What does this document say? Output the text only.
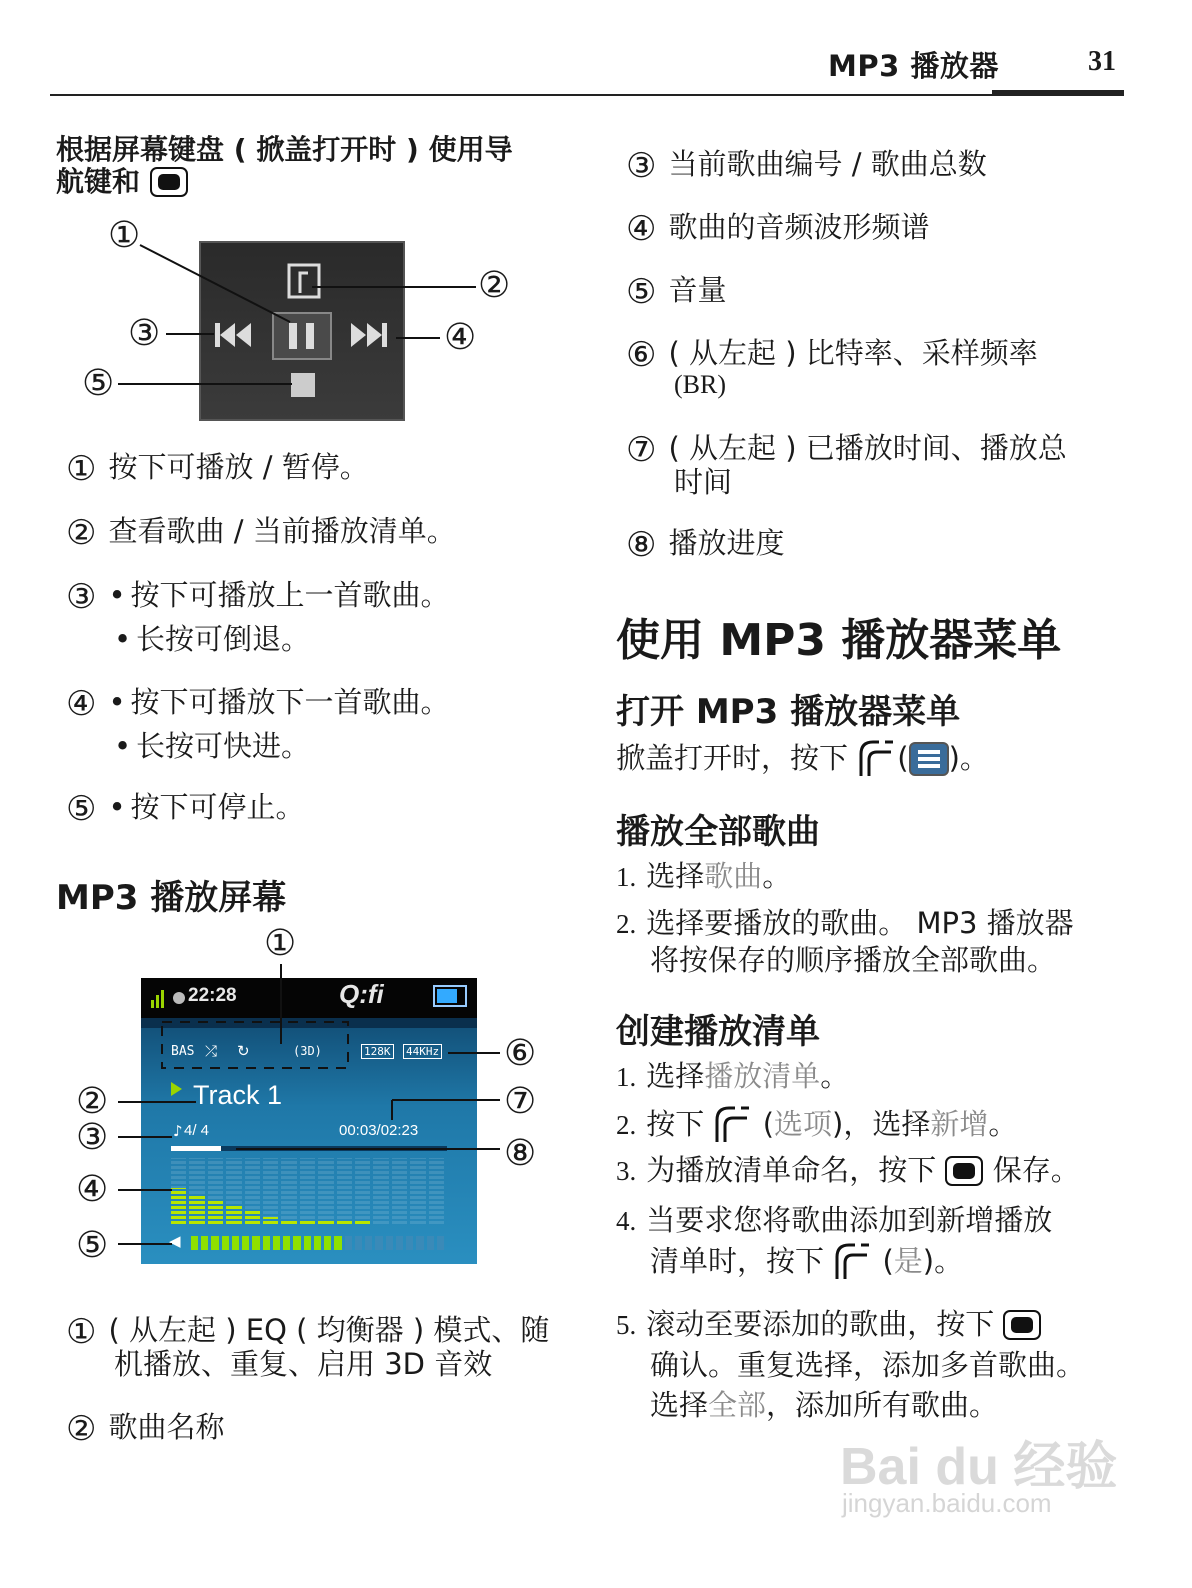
MP3 播放器	31
根据屏幕键盘 ( 掀盖打开时 ) 使用导
航键和
①
②
③	④
⑤
① 按下可播放 / 暂停。
② 查看歌曲 / 当前播放清单。
③ • 按下可播放上一首歌曲。
• 长按可倒退。
④ • 按下可播放下一首歌曲。
• 长按可快进。
⑤ • 按下可停止。
MP3 播放屏幕
22:28	Q:fi
BAS ⤮ ↻	(3D)	128K 44KHz
Track 1
♪ 4/ 4	00:03/02:23
◀
①
②
③
④
⑤
⑥
⑦
⑧
① ( 从左起 ) EQ ( 均衡器 ) 模式、随
机播放、重复、启用 3D 音效
② 歌曲名称
③ 当前歌曲编号 / 歌曲总数
④ 歌曲的音频波形频谱
⑤ 音量
⑥ ( 从左起 ) 比特率、采样频率
(BR)
⑦ ( 从左起 ) 已播放时间、播放总
时间
⑧ 播放进度
使用 MP3 播放器菜单
打开 MP3 播放器菜单
掀盖打开时，按下 ( )。
播放全部歌曲
1. 选择歌曲。
2. 选择要播放的歌曲。 MP3 播放器
将按保存的顺序播放全部歌曲。
创建播放清单
1. 选择播放清单。
2. 按下 (选项)，选择新增。
3. 为播放清单命名，按下 保存。
4. 当要求您将歌曲添加到新增播放
清单时，按下 (是)。
5. 滚动至要添加的歌曲，按下
确认。重复选择，添加多首歌曲。
选择全部，添加所有歌曲。
Bai du 经验
jingyan.baidu.com
